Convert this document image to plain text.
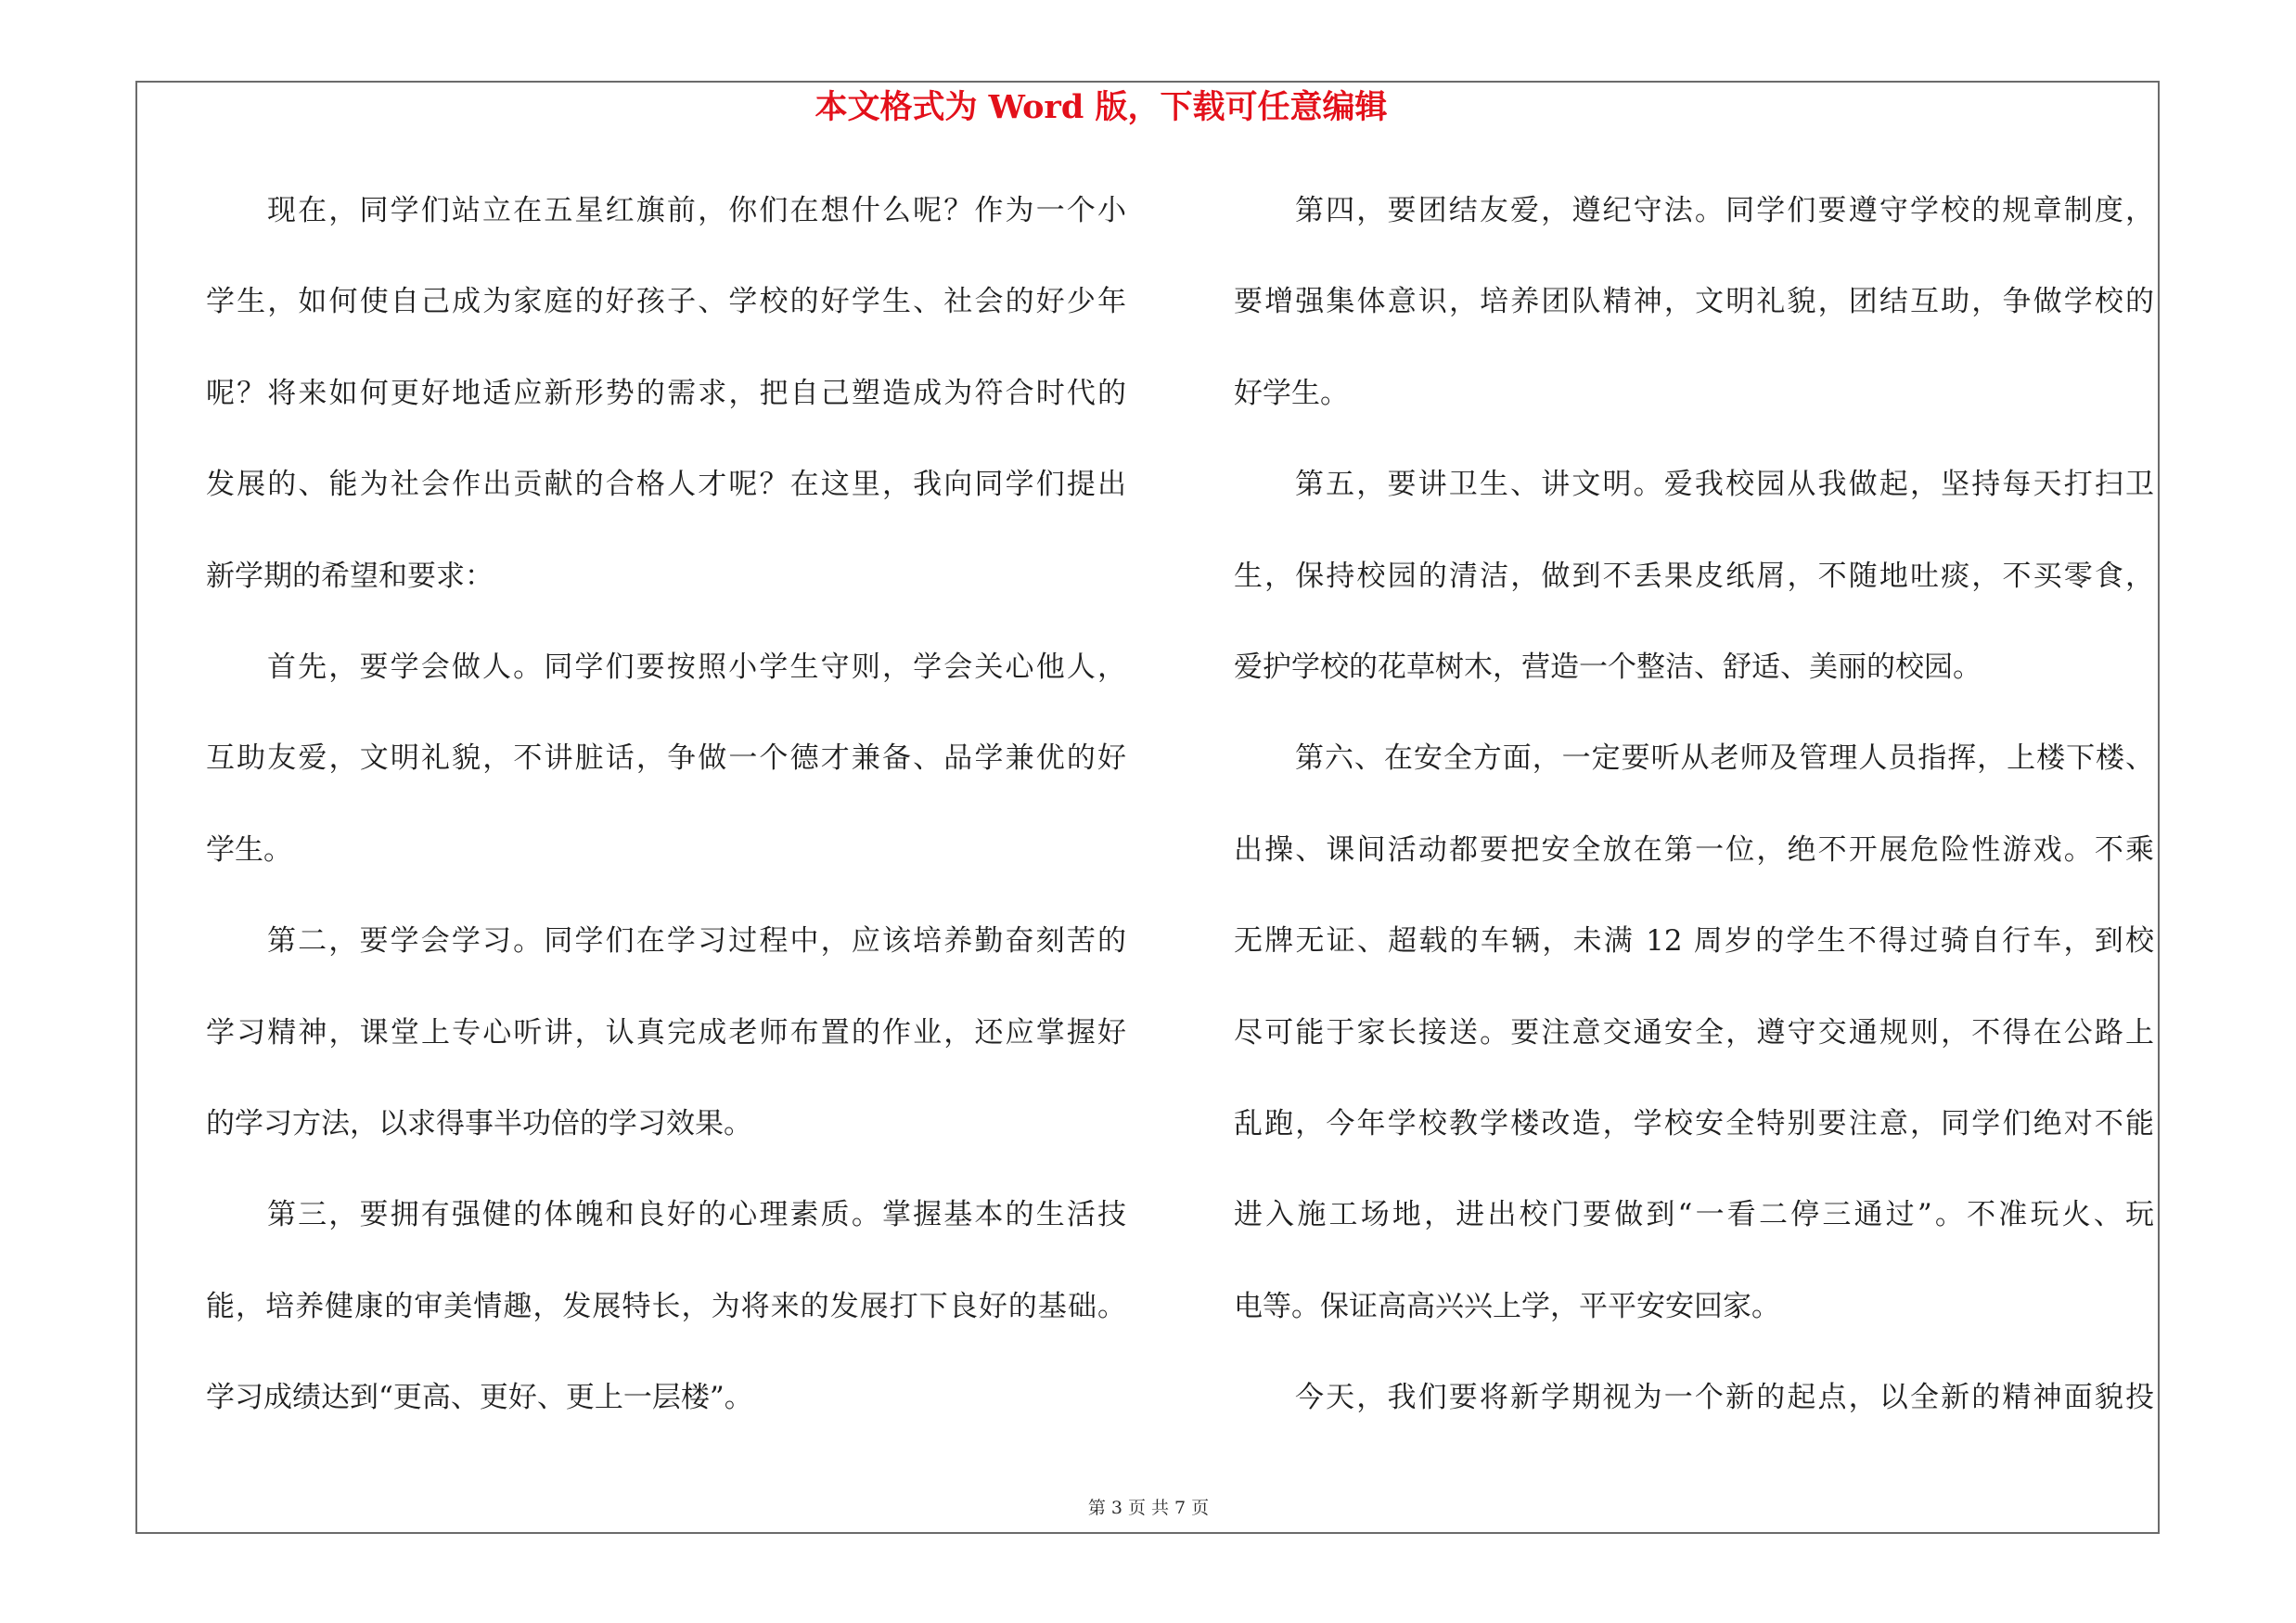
本文格式为 Word 版，下载可任意编辑
现在，同学们站立在五星红旗前，你们在想什么呢？作为一个小
学生，如何使自己成为家庭的好孩子、学校的好学生、社会的好少年
呢？将来如何更好地适应新形势的需求，把自己塑造成为符合时代的
发展的、能为社会作出贡献的合格人才呢？在这里，我向同学们提出
新学期的希望和要求：
首先，要学会做人。同学们要按照小学生守则，学会关心他人，
互助友爱，文明礼貌，不讲脏话，争做一个德才兼备、品学兼优的好
学生。
第二，要学会学习。同学们在学习过程中，应该培养勤奋刻苦的
学习精神，课堂上专心听讲，认真完成老师布置的作业，还应掌握好
的学习方法，以求得事半功倍的学习效果。
第三，要拥有强健的体魄和良好的心理素质。掌握基本的生活技
能，培养健康的审美情趣，发展特长，为将来的发展打下良好的基础。
学习成绩达到“更高、更好、更上一层楼”。
第四，要团结友爱，遵纪守法。同学们要遵守学校的规章制度，
要增强集体意识，培养团队精神，文明礼貌，团结互助，争做学校的
好学生。
第五，要讲卫生、讲文明。爱我校园从我做起，坚持每天打扫卫
生，保持校园的清洁，做到不丢果皮纸屑，不随地吐痰，不买零食，
爱护学校的花草树木，营造一个整洁、舒适、美丽的校园。
第六、在安全方面，一定要听从老师及管理人员指挥，上楼下楼、
出操、课间活动都要把安全放在第一位，绝不开展危险性游戏。不乘
无牌无证、超载的车辆，未满 12 周岁的学生不得过骑自行车，到校
尽可能于家长接送。要注意交通安全，遵守交通规则，不得在公路上
乱跑，今年学校教学楼改造，学校安全特别要注意，同学们绝对不能
进入施工场地，进出校门要做到“一看二停三通过”。不准玩火、玩
电等。保证高高兴兴上学，平平安安回家。
今天，我们要将新学期视为一个新的起点，以全新的精神面貌投
第 3 页 共 7 页
